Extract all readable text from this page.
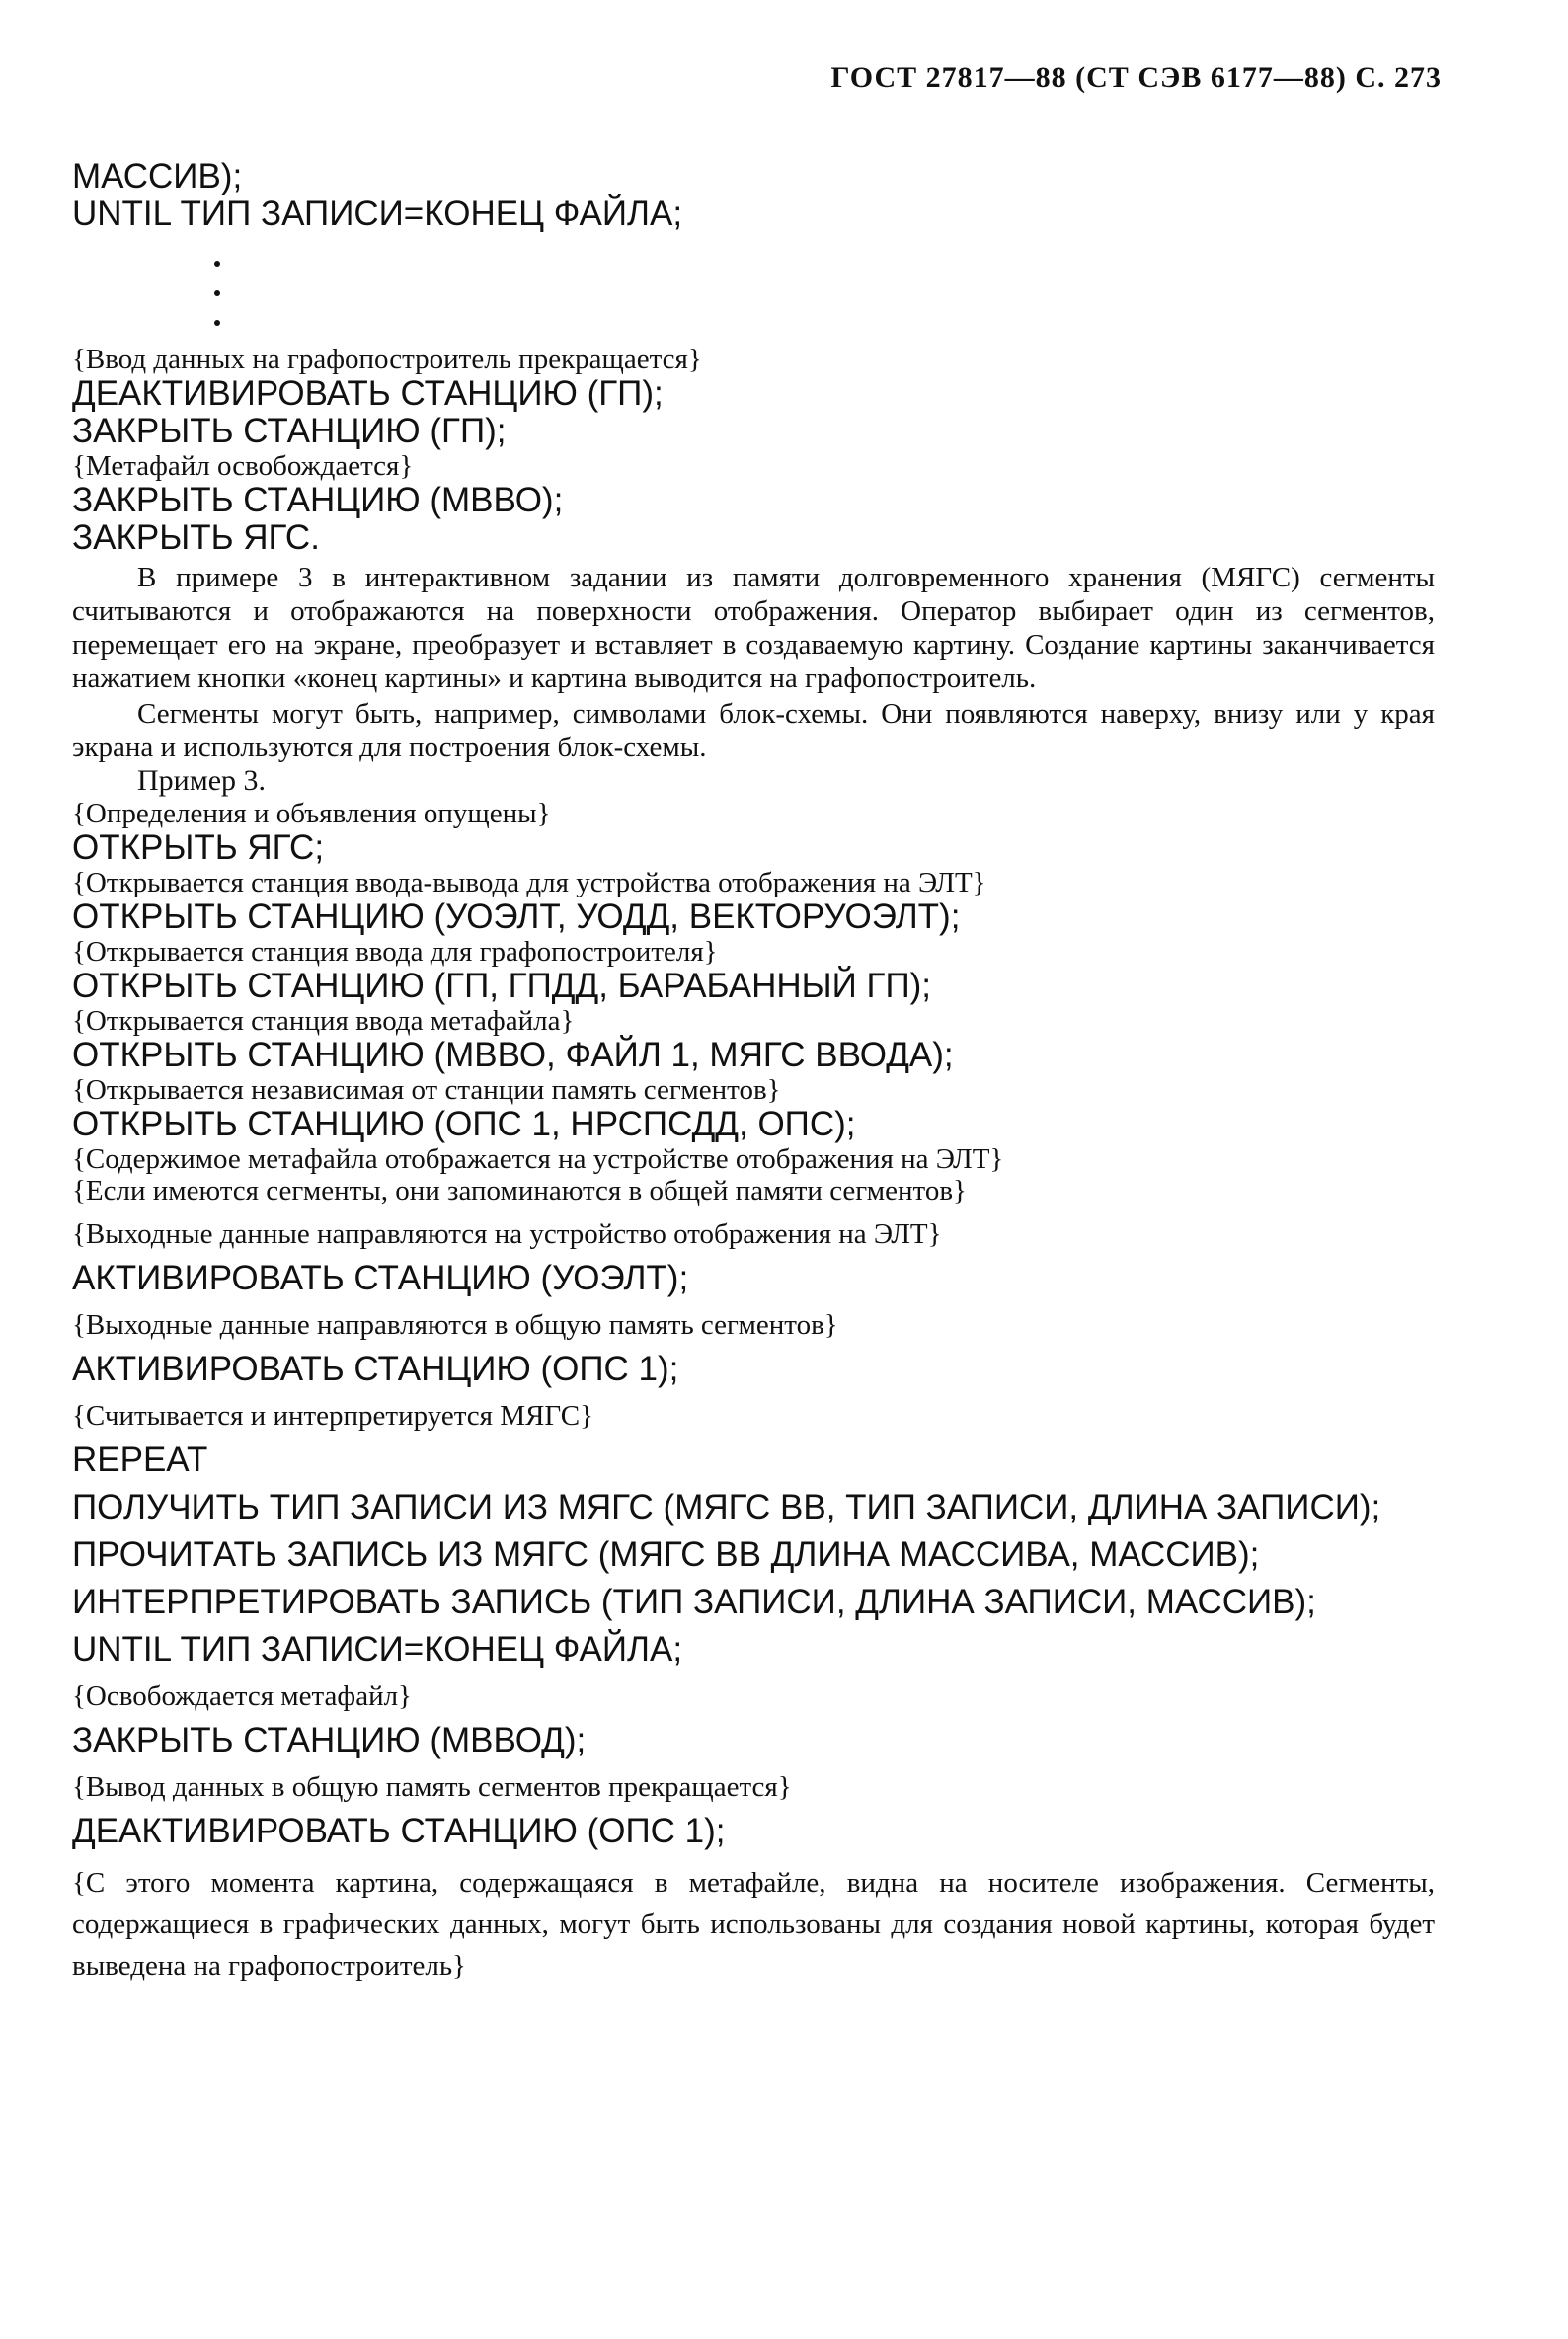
ГОСТ 27817—88 (СТ СЭВ 6177—88) С. 273

МАССИВ);

UNTIL ТИП ЗАПИСИ=КОНЕЦ ФАЙЛА;

{Ввод данных на графопостроитель прекращается}

ДЕАКТИВИРОВАТЬ СТАНЦИЮ (ГП);

ЗАКРЫТЬ СТАНЦИЮ (ГП);

{Метафайл освобождается}

ЗАКРЫТЬ СТАНЦИЮ (МВВО);

ЗАКРЫТЬ ЯГС.

В примере 3 в интерактивном задании из памяти долговременного хранения (МЯГС) сегменты считываются и отображаются на поверхности отображения. Оператор выбирает один из сегментов, перемещает его на экране, преобразует и вставляет в создаваемую картину. Создание картины заканчивается нажатием кнопки «конец картины» и картина выводится на графопостроитель.

Сегменты могут быть, например, символами блок-схемы. Они появляются наверху, внизу или у края экрана и используются для построения блок-схемы.

Пример 3.

{Определения и объявления опущены}

ОТКРЫТЬ ЯГС;

{Открывается станция ввода-вывода для устройства отображения на ЭЛТ}

ОТКРЫТЬ СТАНЦИЮ (УОЭЛТ, УОДД, ВЕКТОРУОЭЛТ);

{Открывается станция ввода для графопостроителя}

ОТКРЫТЬ СТАНЦИЮ (ГП, ГПДД, БАРАБАННЫЙ ГП);

{Открывается станция ввода метафайла}

ОТКРЫТЬ СТАНЦИЮ (МВВО, ФАЙЛ 1, МЯГС ВВОДА);

{Открывается независимая от станции память сегментов}

ОТКРЫТЬ СТАНЦИЮ (ОПС 1, НРСПСДД, ОПС);

{Содержимое метафайла отображается на устройстве отображения на ЭЛТ}

{Если имеются сегменты, они запоминаются в общей памяти сегментов}

{Выходные данные направляются на устройство отображения на ЭЛТ}

АКТИВИРОВАТЬ СТАНЦИЮ (УОЭЛТ);

{Выходные данные направляются в общую память сегментов}

АКТИВИРОВАТЬ СТАНЦИЮ (ОПС 1);

{Считывается и интерпретируется МЯГС}

REPEAT

ПОЛУЧИТЬ ТИП ЗАПИСИ ИЗ МЯГС (МЯГС ВВ, ТИП ЗАПИСИ, ДЛИНА ЗАПИСИ);

ПРОЧИТАТЬ ЗАПИСЬ ИЗ МЯГС (МЯГС ВВ ДЛИНА МАССИВА, МАССИВ);

ИНТЕРПРЕТИРОВАТЬ ЗАПИСЬ (ТИП ЗАПИСИ, ДЛИНА ЗАПИСИ, МАССИВ);

UNTIL ТИП ЗАПИСИ=КОНЕЦ ФАЙЛА;

{Освобождается метафайл}

ЗАКРЫТЬ СТАНЦИЮ (МВВОД);

{Вывод данных в общую память сегментов прекращается}

ДЕАКТИВИРОВАТЬ СТАНЦИЮ (ОПС 1);

{С этого момента картина, содержащаяся в метафайле, видна на носителе изображения. Сегменты, содержащиеся в графических данных, могут быть использованы для создания новой картины, которая будет выведена на графопостроитель}
